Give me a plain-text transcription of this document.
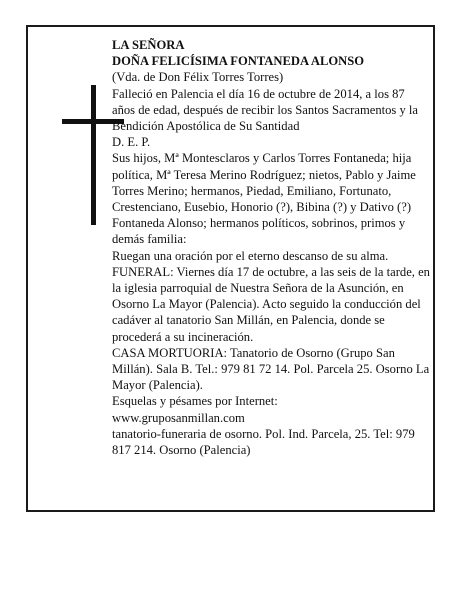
LA SEÑORA

DOÑA FELICÍSIMA FONTANEDA ALONSO

(Vda. de Don Félix Torres Torres)

Falleció en Palencia el día 16 de octubre de 2014, a los 87 años de edad, después de recibir los Santos Sacramentos y la Bendición Apostólica de Su Santidad

D. E. P.

Sus hijos, Mª Montesclaros y Carlos Torres Fontaneda; hija política, Mª Teresa Merino Rodríguez; nietos, Pablo y Jaime Torres Merino; hermanos, Piedad, Emiliano, Fortunato, Crestenciano, Eusebio, Honorio (?), Bibina (?) y Dativo (?) Fontaneda Alonso; hermanos políticos, sobrinos, primos y demás familia:

Ruegan una oración por el eterno descanso de su alma.

FUNERAL: Viernes día 17 de octubre, a las seis de la tarde, en la iglesia parroquial de Nuestra Señora de la Asunción, en Osorno La Mayor (Palencia). Acto seguido la conducción del cadáver al tanatorio San Millán, en Palencia, donde se procederá a su incineración.

CASA MORTUORIA: Tanatorio de Osorno (Grupo San Millán). Sala B. Tel.: 979 81 72 14. Pol. Parcela 25. Osorno La Mayor (Palencia).

Esquelas y pésames por Internet:

www.gruposanmillan.com

tanatorio-funeraria de osorno. Pol. Ind. Parcela, 25. Tel: 979 817 214. Osorno (Palencia)
